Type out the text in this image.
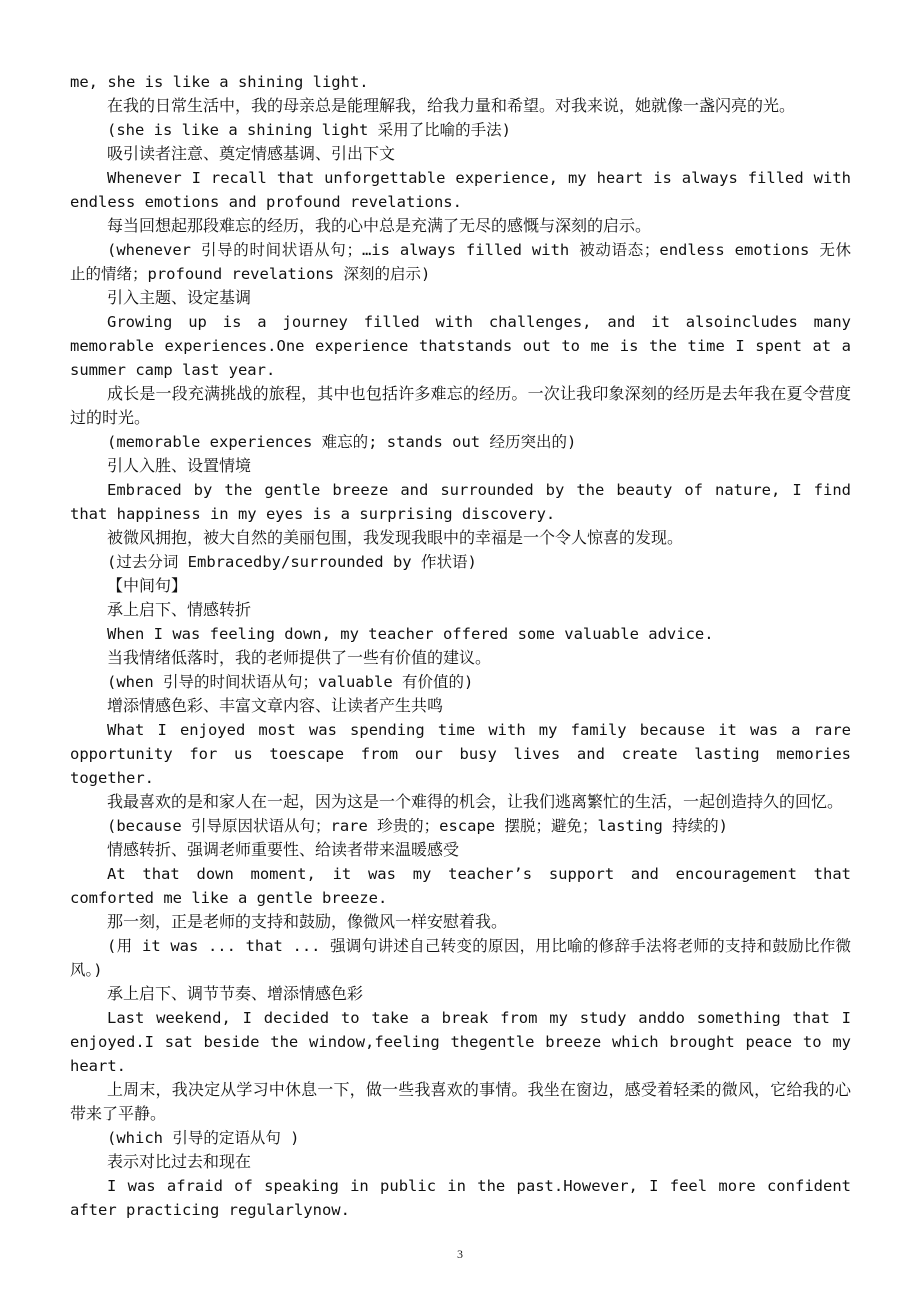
me, she is like a shining light.

在我的日常生活中，我的母亲总是能理解我，给我力量和希望。对我来说，她就像一盏闪亮的光。

(she is like a shining light 采用了比喻的手法)

吸引读者注意、奠定情感基调、引出下文

Whenever I recall that unforgettable experience, my heart is always filled with endless emotions and profound revelations.

每当回想起那段难忘的经历，我的心中总是充满了无尽的感慨与深刻的启示。

(whenever 引导的时间状语从句；…is always filled with 被动语态；endless emotions 无休止的情绪；profound revelations 深刻的启示)

引入主题、设定基调

Growing up is a journey filled with challenges, and it alsoincludes many memorable experiences.One experience thatstands out to me is the time I spent at a summer camp last year.

成长是一段充满挑战的旅程，其中也包括许多难忘的经历。一次让我印象深刻的经历是去年我在夏令营度过的时光。

(memorable experiences 难忘的; stands out 经历突出的)

引人入胜、设置情境

Embraced by the gentle breeze and surrounded by the beauty of nature, I find that happiness in my eyes is a surprising discovery.

被微风拥抱，被大自然的美丽包围，我发现我眼中的幸福是一个令人惊喜的发现。

(过去分词 Embracedby/surrounded by 作状语)

【中间句】

承上启下、情感转折

When I was feeling down, my teacher offered some valuable advice.

当我情绪低落时，我的老师提供了一些有价值的建议。

(when 引导的时间状语从句；valuable 有价值的)

增添情感色彩、丰富文章内容、让读者产生共鸣

What I enjoyed most was spending time with my family because it was a rare opportunity for us toescape from our busy lives and create lasting memories together.

我最喜欢的是和家人在一起，因为这是一个难得的机会，让我们逃离繁忙的生活，一起创造持久的回忆。

(because 引导原因状语从句；rare 珍贵的；escape 摆脱；避免；lasting 持续的)

情感转折、强调老师重要性、给读者带来温暖感受

At that down moment, it was my teacher’s support and encouragement that comforted me like a gentle breeze.

那一刻，正是老师的支持和鼓励，像微风一样安慰着我。

(用 it was ... that ... 强调句讲述自己转变的原因，用比喻的修辞手法将老师的支持和鼓励比作微风。)

承上启下、调节节奏、增添情感色彩

Last weekend, I decided to take a break from my study anddo something that I enjoyed.I sat beside the window,feeling thegentle breeze which brought peace to my heart.

上周末，我决定从学习中休息一下，做一些我喜欢的事情。我坐在窗边，感受着轻柔的微风，它给我的心带来了平静。

(which 引导的定语从句 )

表示对比过去和现在

I was afraid of speaking in public in the past.However, I feel more confident after practicing regularlynow.

3
